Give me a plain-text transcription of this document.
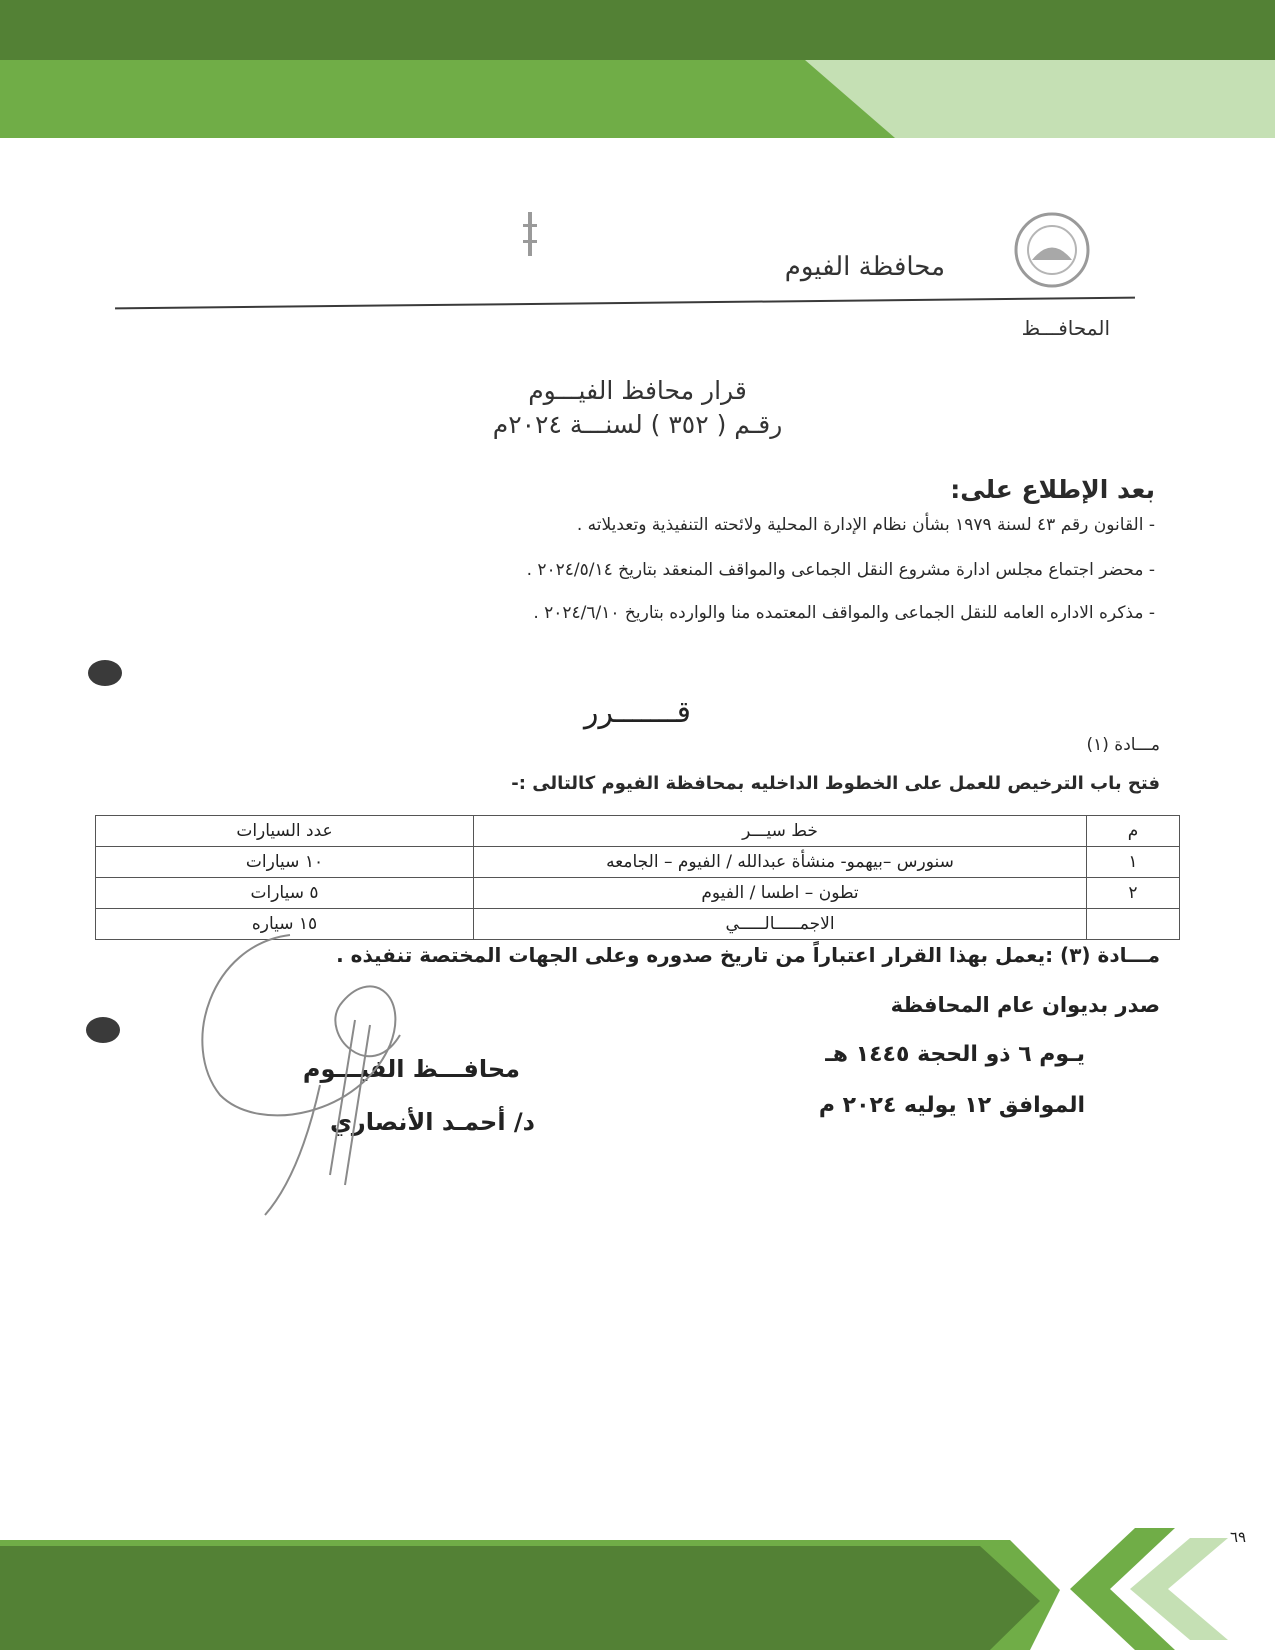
٦٩
محافظة الفيوم
المحافـــظ
قرار محافظ الفيـــوم
رقـم ( ٣٥٢ ) لسنـــة ٢٠٢٤م
بعد الإطلاع على:
- القانون رقم ٤٣ لسنة ١٩٧٩ بشأن نظام الإدارة المحلية ولائحته التنفيذية وتعديلاته .
- محضر اجتماع مجلس ادارة مشروع النقل الجماعى والمواقف المنعقد بتاريخ ٢٠٢٤/٥/١٤ .
- مذكره الاداره العامه للنقل الجماعى والمواقف المعتمده منا والوارده بتاريخ ٢٠٢٤/٦/١٠ .
قـــــــرر
مـــادة (١)
فتح باب الترخيص للعمل على الخطوط الداخليه بمحافظة الفيوم كالتالى :-
م	خط سيـــر	عدد السيارات
١	سنورس –بيهمو- منشأة عبدالله / الفيوم – الجامعه	١٠ سيارات
٢	تطون – اطسا / الفيوم	٥ سيارات
	الاجمـــــالـــــي	١٥ سياره
مـــادة (٣) :يعمل بهذا القرار اعتباراً من تاريخ صدوره وعلى الجهات المختصة تنفيذه .
صدر بديوان عام المحافظة
يـوم ٦ ذو الحجة ١٤٤٥ هـ
الموافق ١٢ يوليه ٢٠٢٤ م
محافـــظ الفيـــوم
د/ أحمـد الأنصاري
